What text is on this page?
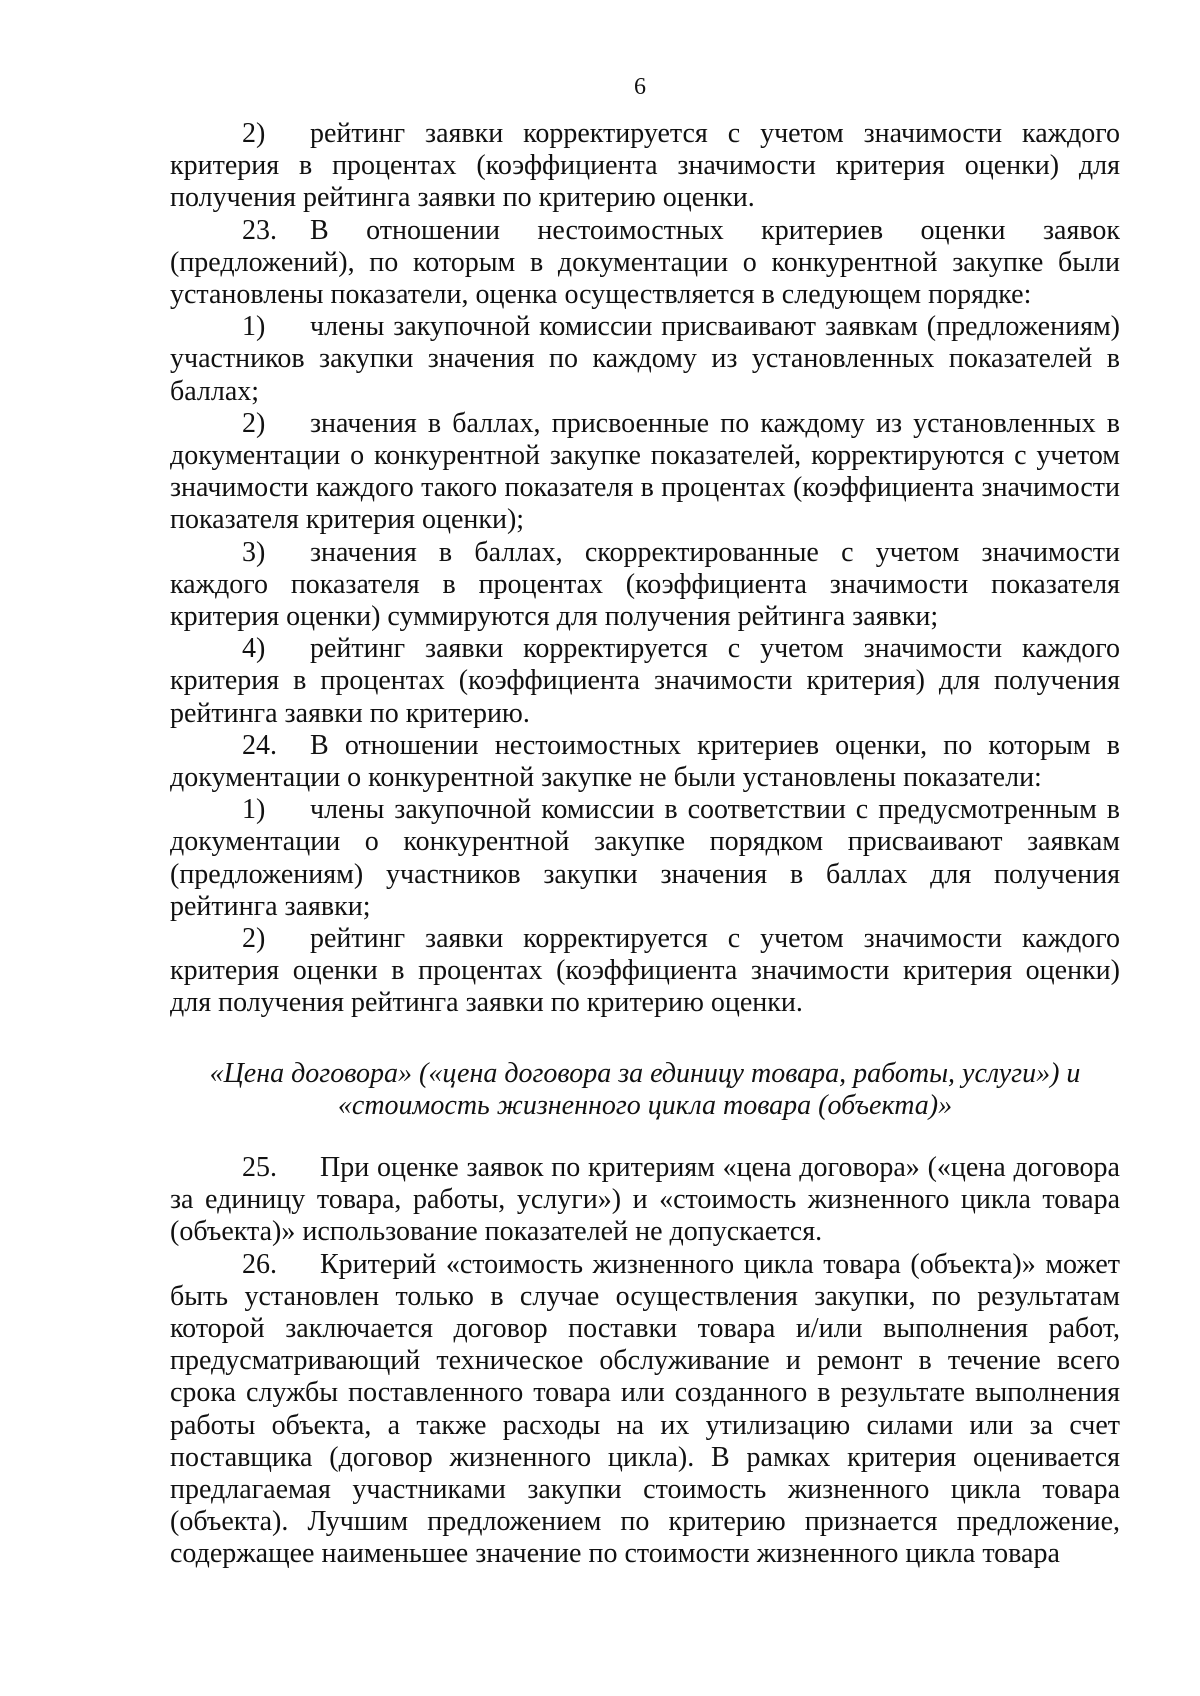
6

2) рейтинг заявки корректируется с учетом значимости каждого критерия в процентах (коэффициента значимости критерия оценки) для получения рейтинга заявки по критерию оценки.

23. В отношении нестоимостных критериев оценки заявок (предложений), по которым в документации о конкурентной закупке были установлены показатели, оценка осуществляется в следующем порядке:

1) члены закупочной комиссии присваивают заявкам (предложениям) участников закупки значения по каждому из установленных показателей в баллах;

2) значения в баллах, присвоенные по каждому из установленных в документации о конкурентной закупке показателей, корректируются с учетом значимости каждого такого показателя в процентах (коэффициента значимости показателя критерия оценки);

3) значения в баллах, скорректированные с учетом значимости каждого показателя в процентах (коэффициента значимости показателя критерия оценки) суммируются для получения рейтинга заявки;

4) рейтинг заявки корректируется с учетом значимости каждого критерия в процентах (коэффициента значимости критерия) для получения рейтинга заявки по критерию.

24. В отношении нестоимостных критериев оценки, по которым в документации о конкурентной закупке не были установлены показатели:

1) члены закупочной комиссии в соответствии с предусмотренным в документации о конкурентной закупке порядком присваивают заявкам (предложениям) участников закупки значения в баллах для получения рейтинга заявки;

2) рейтинг заявки корректируется с учетом значимости каждого критерия оценки в процентах (коэффициента значимости критерия оценки) для получения рейтинга заявки по критерию оценки.

«Цена договора» («цена договора за единицу товара, работы, услуги») и
«стоимость жизненного цикла товара (объекта)»

25. При оценке заявок по критериям «цена договора» («цена договора за единицу товара, работы, услуги») и «стоимость жизненного цикла товара (объекта)» использование показателей не допускается.

26. Критерий «стоимость жизненного цикла товара (объекта)» может быть установлен только в случае осуществления закупки, по результатам которой заключается договор поставки товара и/или выполнения работ, предусматривающий техническое обслуживание и ремонт в течение всего срока службы поставленного товара или созданного в результате выполнения работы объекта, а также расходы на их утилизацию силами или за счет поставщика (договор жизненного цикла). В рамках критерия оценивается предлагаемая участниками закупки стоимость жизненного цикла товара (объекта). Лучшим предложением по критерию признается предложение, содержащее наименьшее значение по стоимости жизненного цикла товара
